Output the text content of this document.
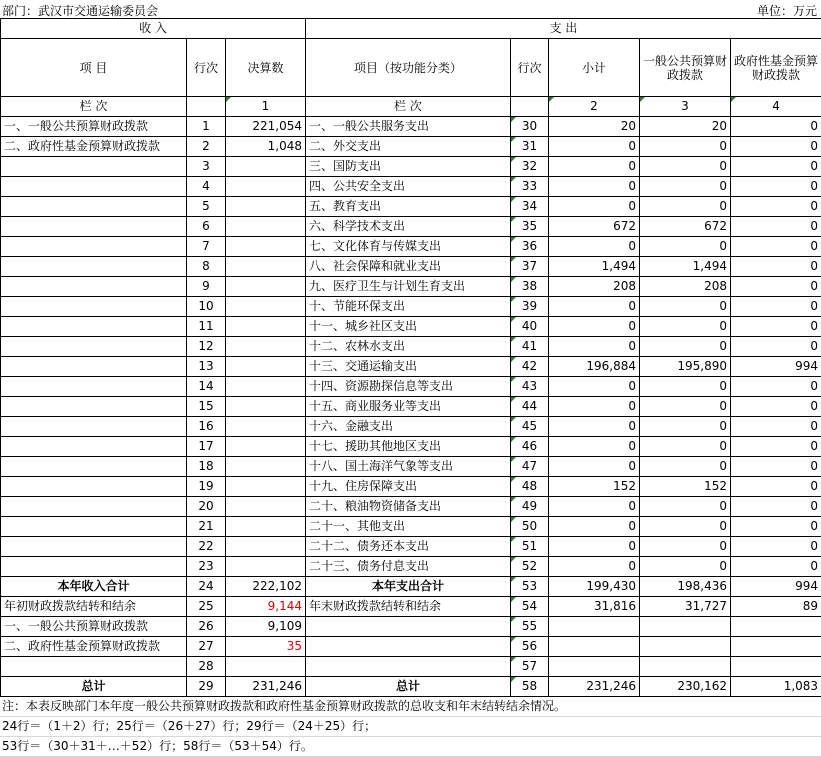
部门：武汉市交通运输委员会	单位：万元
收 入			支 出				
项 目	行次	决算数	项目（按功能分类）	行次	小计	一般公共预算财政拨款	政府性基金预算财政拨款
栏 次		1	栏 次		2	3	4
一、一般公共预算财政拨款	1	221,054	一、一般公共服务支出	30	20	20	0
二、政府性基金预算财政拨款	2	1,048	二、外交支出	31	0	0	0
	3		三、国防支出	32	0	0	0
	4		四、公共安全支出	33	0	0	0
	5		五、教育支出	34	0	0	0
	6		六、科学技术支出	35	672	672	0
	7		七、文化体育与传媒支出	36	0	0	0
	8		八、社会保障和就业支出	37	1,494	1,494	0
	9		九、医疗卫生与计划生育支出	38	208	208	0
	10		十、节能环保支出	39	0	0	0
	11		十一、城乡社区支出	40	0	0	0
	12		十二、农林水支出	41	0	0	0
	13		十三、交通运输支出	42	196,884	195,890	994
	14		十四、资源勘探信息等支出	43	0	0	0
	15		十五、商业服务业等支出	44	0	0	0
	16		十六、金融支出	45	0	0	0
	17		十七、援助其他地区支出	46	0	0	0
	18		十八、国土海洋气象等支出	47	0	0	0
	19		十九、住房保障支出	48	152	152	0
	20		二十、粮油物资储备支出	49	0	0	0
	21		二十一、其他支出	50	0	0	0
	22		二十二、债务还本支出	51	0	0	0
	23		二十三、债务付息支出	52	0	0	0
本年收入合计	24	222,102	本年支出合计	53	199,430	198,436	994
年初财政拨款结转和结余	25	9,144	年末财政拨款结转和结余	54	31,816	31,727	89
一、一般公共预算财政拨款	26	9,109		55			
二、政府性基金预算财政拨款	27	35		56			
	28			57			
总计	29	231,246	总计	58	231,246	230,162	1,083
注：本表反映部门本年度一般公共预算财政拨款和政府性基金预算财政拨款的总收支和年末结转结余情况。
24行＝（1＋2）行；25行＝（26＋27）行；29行＝（24＋25）行；
53行＝（30＋31＋…＋52）行；58行＝（53＋54）行。
